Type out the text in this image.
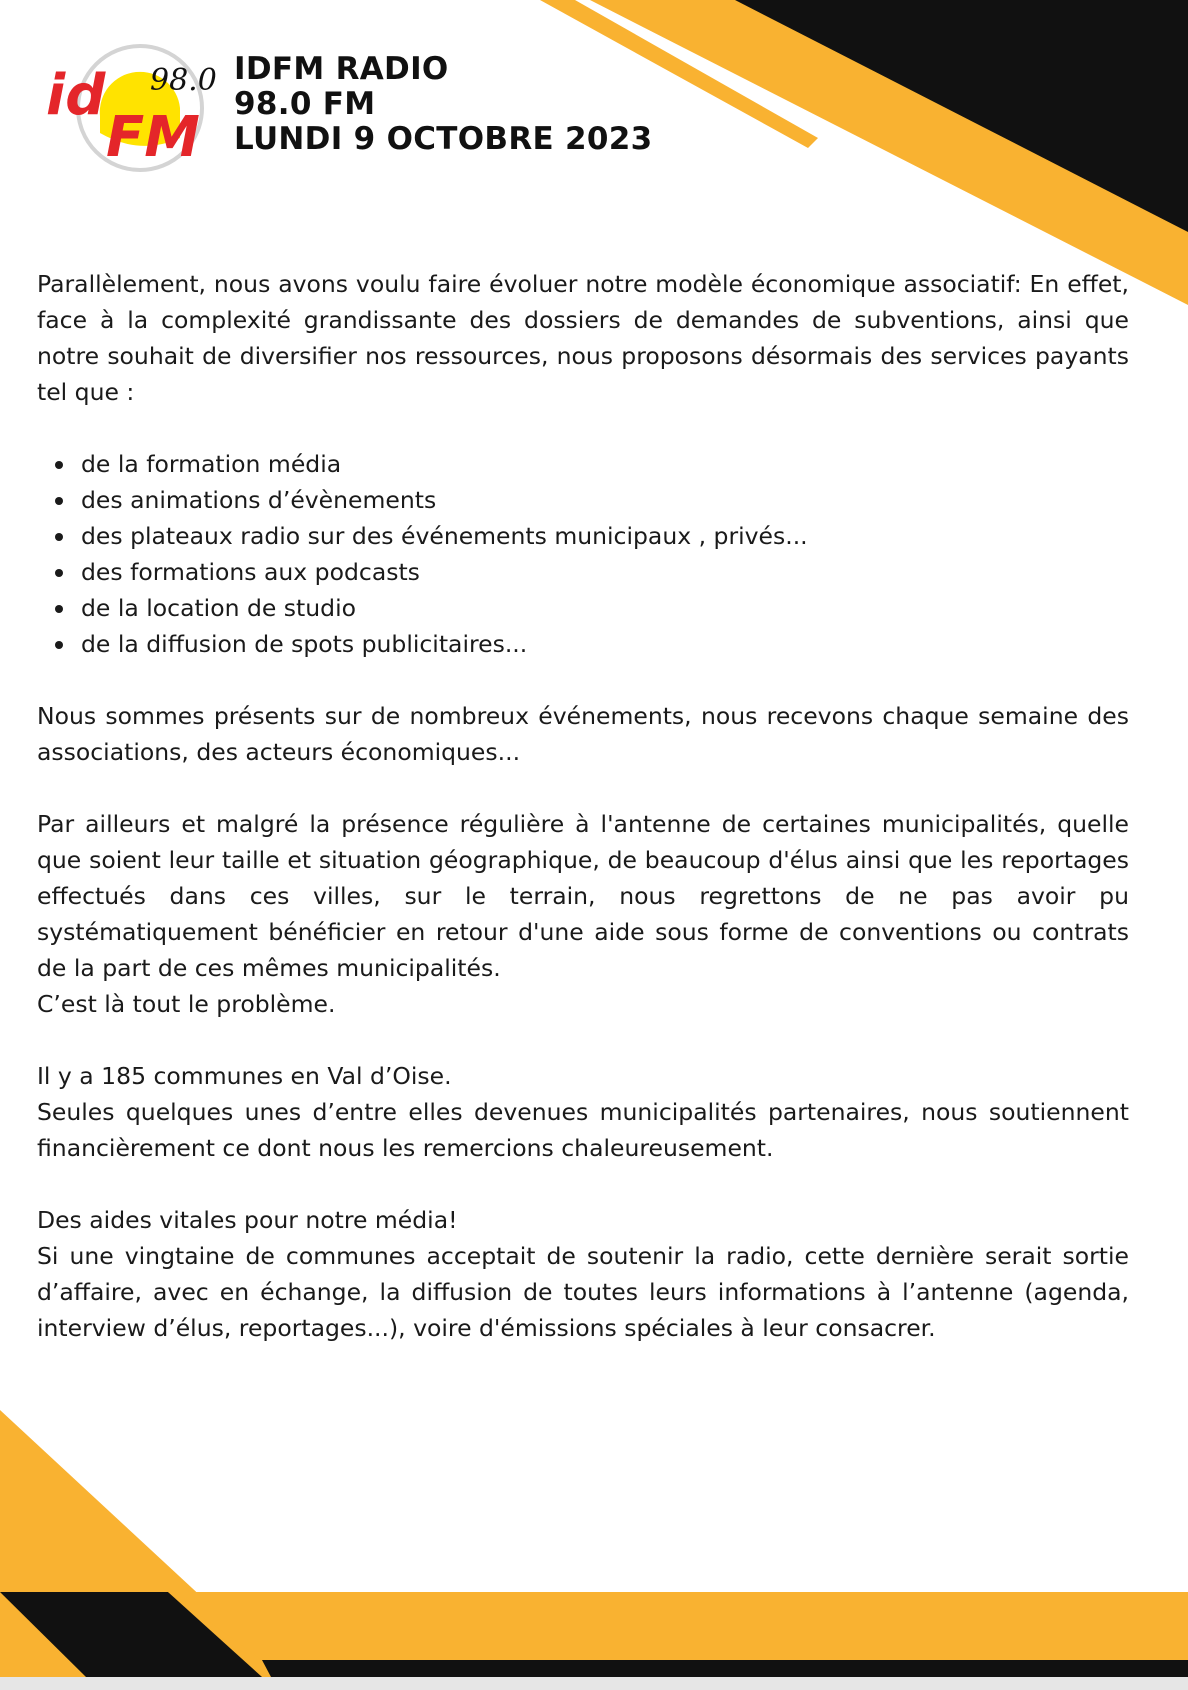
98.0
id
FM
IDFM RADIO
98.0 FM
LUNDI 9 OCTOBRE 2023

Parallèlement, nous avons voulu faire évoluer notre modèle économique associatif: En effet, face à la complexité grandissante des dossiers de demandes de subventions, ainsi que notre souhait de diversifier nos ressources, nous proposons désormais des services payants tel que :

de la formation média
des animations d’évènements
des plateaux radio sur des événements municipaux , privés...
des formations aux podcasts
de la location de studio
de la diffusion de spots publicitaires...

Nous sommes présents sur de nombreux événements, nous recevons chaque semaine des associations, des acteurs économiques...

Par ailleurs et malgré la présence régulière à l'antenne de certaines municipalités, quelle que soient leur taille et situation géographique, de beaucoup d'élus ainsi que les reportages effectués dans ces villes, sur le terrain, nous regrettons de ne pas avoir pu systématiquement bénéficier en retour d'une aide sous forme de conventions ou contrats de la part de ces mêmes municipalités.

C’est là tout le problème.

Il y a 185 communes en Val d’Oise.

Seules quelques unes d’entre elles devenues municipalités partenaires, nous soutiennent financièrement ce dont nous les remercions chaleureusement.

Des aides vitales pour notre média!

Si une vingtaine de communes acceptait de soutenir la radio, cette dernière serait sortie d’affaire, avec en échange, la diffusion de toutes leurs informations à l’antenne (agenda, interview d’élus, reportages...), voire d'émissions spéciales à leur consacrer.
